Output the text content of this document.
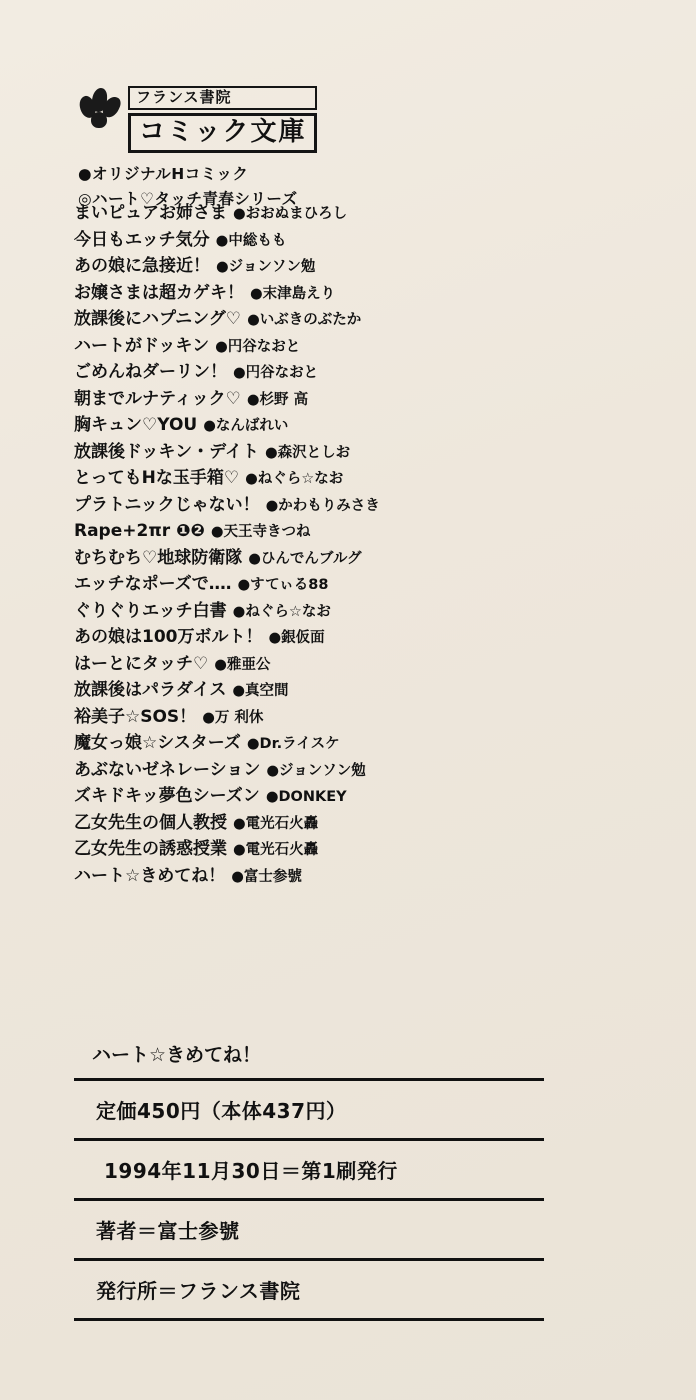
フランス書院
コミック文庫
●オリジナルHコミック
◎ハート♡タッチ青春シリーズ
まいピュアお姉さま ●おおぬまひろし
今日もエッチ気分 ●中総もも
あの娘に急接近！ ●ジョンソン勉
お嬢さまは超カゲキ！ ●末津島えり
放課後にハプニング♡ ●いぶきのぶたか
ハートがドッキン ●円谷なおと
ごめんねダーリン！ ●円谷なおと
朝までルナティック♡ ●杉野 高
胸キュン♡YOU ●なんばれい
放課後ドッキン・デイト ●森沢としお
とってもHな玉手箱♡ ●ねぐら☆なお
プラトニックじゃない！ ●かわもりみさき
Rape+2πr ❶❷ ●天王寺きつね
むちむち♡地球防衛隊 ●ひんでんブルグ
エッチなポーズで‥‥ ●すてぃる88
ぐりぐりエッチ白書 ●ねぐら☆なお
あの娘は100万ボルト！ ●銀仮面
はーとにタッチ♡ ●雅亜公
放課後はパラダイス ●真空間
裕美子☆SOS！ ●万 利休
魔女っ娘☆シスターズ ●Dr.ライスケ
あぶないゼネレーション ●ジョンソン勉
ズキドキッ夢色シーズン ●DONKEY
乙女先生の個人教授 ●電光石火轟
乙女先生の誘惑授業 ●電光石火轟
ハート☆きめてね！ ●富士参號
ハート☆きめてね！
定価450円（本体437円）
1994年11月30日＝第1刷発行
著者＝富士参號
発行所＝フランス書院
